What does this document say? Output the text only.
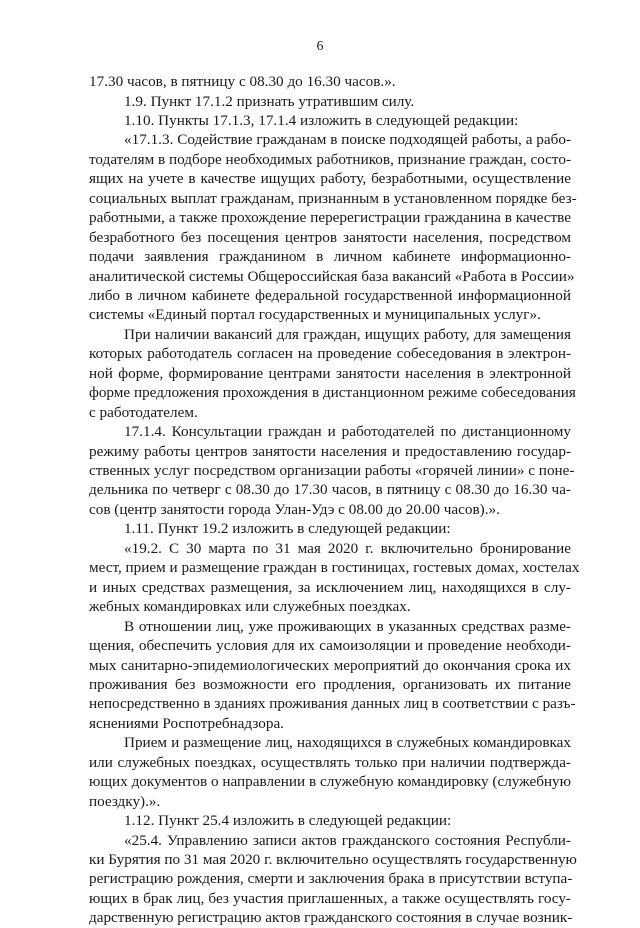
6
17.30 часов, в пятницу с 08.30 до 16.30 часов.».
1.9. Пункт 17.1.2 признать утратившим силу.
1.10. Пункты 17.1.3, 17.1.4 изложить в следующей редакции:
«17.1.3. Содействие гражданам в поиске подходящей работы, а рабо-
тодателям в подборе необходимых работников, признание граждан, состо-
ящих на учете в качестве ищущих работу, безработными, осуществление
социальных выплат гражданам, признанным в установленном порядке без-
работными, а также прохождение перерегистрации гражданина в качестве
безработного без посещения центров занятости населения, посредством
подачи заявления гражданином в личном кабинете информационно-
аналитической системы Общероссийская база вакансий «Работа в России»
либо в личном кабинете федеральной государственной информационной
системы «Единый портал государственных и муниципальных услуг».
При наличии вакансий для граждан, ищущих работу, для замещения
которых работодатель согласен на проведение собеседования в электрон-
ной форме, формирование центрами занятости населения в электронной
форме предложения прохождения в дистанционном режиме собеседования
с работодателем.
17.1.4. Консультации граждан и работодателей по дистанционному
режиму работы центров занятости населения и предоставлению государ-
ственных услуг посредством организации работы «горячей линии» с поне-
дельника по четверг с 08.30 до 17.30 часов, в пятницу с 08.30 до 16.30 ча-
сов (центр занятости города Улан-Удэ с 08.00 до 20.00 часов).».
1.11. Пункт 19.2 изложить в следующей редакции:
«19.2. С 30 марта по 31 мая 2020 г. включительно бронирование
мест, прием и размещение граждан в гостиницах, гостевых домах, хостелах
и иных средствах размещения, за исключением лиц, находящихся в слу-
жебных командировках или служебных поездках.
В отношении лиц, уже проживающих в указанных средствах разме-
щения, обеспечить условия для их самоизоляции и проведение необходи-
мых санитарно-эпидемиологических мероприятий до окончания срока их
проживания без возможности его продления, организовать их питание
непосредственно в зданиях проживания данных лиц в соответствии с разъ-
яснениями Роспотребнадзора.
Прием и размещение лиц, находящихся в служебных командировках
или служебных поездках, осуществлять только при наличии подтвержда-
ющих документов о направлении в служебную командировку (служебную
поездку).».
1.12. Пункт 25.4 изложить в следующей редакции:
«25.4. Управлению записи актов гражданского состояния Республи-
ки Бурятия по 31 мая 2020 г. включительно осуществлять государственную
регистрацию рождения, смерти и заключения брака в присутствии вступа-
ющих в брак лиц, без участия приглашенных, а также осуществлять госу-
дарственную регистрацию актов гражданского состояния в случае возник-
